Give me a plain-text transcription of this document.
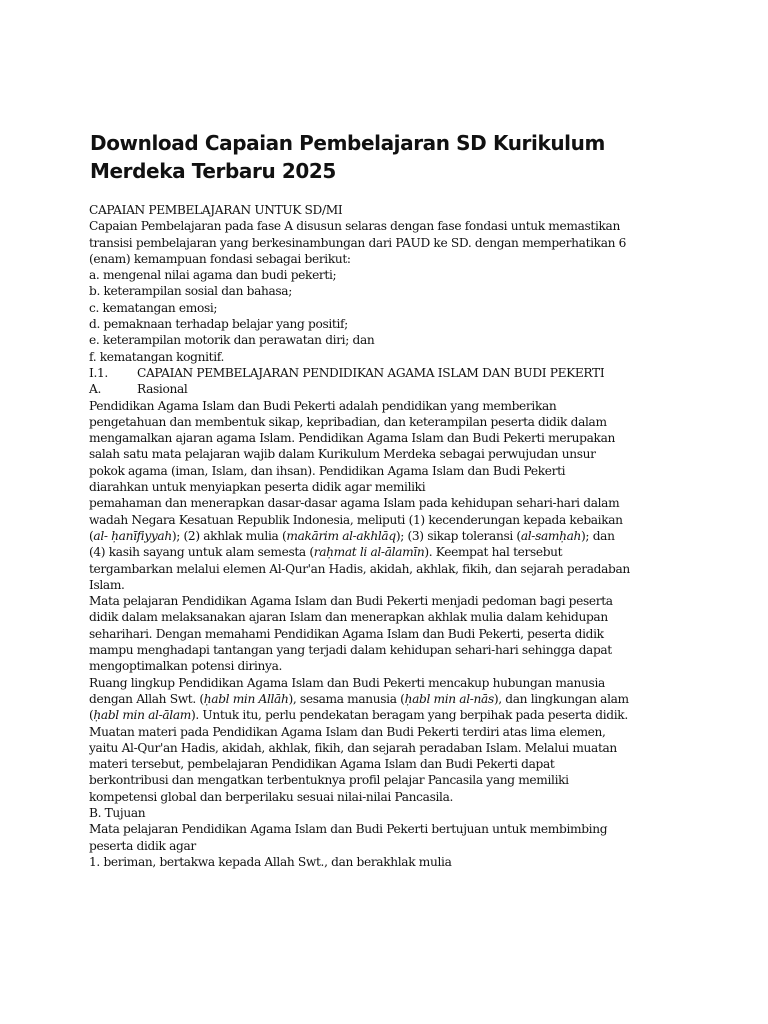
Download Capaian Pembelajaran SD Kurikulum
Merdeka Terbaru 2025
CAPAIAN PEMBELAJARAN UNTUK SD/MI
Capaian Pembelajaran pada fase A disusun selaras dengan fase fondasi untuk memastikan
transisi pembelajaran yang berkesinambungan dari PAUD ke SD. dengan memperhatikan 6
(enam) kemampuan fondasi sebagai berikut:
a. mengenal nilai agama dan budi pekerti;
b. keterampilan sosial dan bahasa;
c. kematangan emosi;
d. pemaknaan terhadap belajar yang positif;
e. keterampilan motorik dan perawatan diri; dan
f. kematangan kognitif.
I.1. CAPAIAN PEMBELAJARAN PENDIDIKAN AGAMA ISLAM DAN BUDI PEKERTI
A.	Rasional
Pendidikan Agama Islam dan Budi Pekerti adalah pendidikan yang memberikan
pengetahuan dan membentuk sikap, kepribadian, dan keterampilan peserta didik dalam
mengamalkan ajaran agama Islam. Pendidikan Agama Islam dan Budi Pekerti merupakan
salah satu mata pelajaran wajib dalam Kurikulum Merdeka sebagai perwujudan unsur
pokok agama (iman, Islam, dan ihsan). Pendidikan Agama Islam dan Budi Pekerti
diarahkan untuk menyiapkan peserta didik agar memiliki
pemahaman dan menerapkan dasar-dasar agama Islam pada kehidupan sehari-hari dalam
wadah Negara Kesatuan Republik Indonesia, meliputi (1) kecenderungan kepada kebaikan
(al- ḥanīfiyyah); (2) akhlak mulia (makārim al-akhlāq); (3) sikap toleransi (al-samḥah); dan
(4) kasih sayang untuk alam semesta (raḥmat li al-ālamīn). Keempat hal tersebut
tergambarkan melalui elemen Al-Qur'an Hadis, akidah, akhlak, fikih, dan sejarah peradaban
Islam.
Mata pelajaran Pendidikan Agama Islam dan Budi Pekerti menjadi pedoman bagi peserta
didik dalam melaksanakan ajaran Islam dan menerapkan akhlak mulia dalam kehidupan
seharihari. Dengan memahami Pendidikan Agama Islam dan Budi Pekerti, peserta didik
mampu menghadapi tantangan yang terjadi dalam kehidupan sehari-hari sehingga dapat
mengoptimalkan potensi dirinya.
Ruang lingkup Pendidikan Agama Islam dan Budi Pekerti mencakup hubungan manusia
dengan Allah Swt. (ḥabl min Allāh), sesama manusia (ḥabl min al-nās), dan lingkungan alam
(ḥabl min al-ālam). Untuk itu, perlu pendekatan beragam yang berpihak pada peserta didik.
Muatan materi pada Pendidikan Agama Islam dan Budi Pekerti terdiri atas lima elemen,
yaitu Al-Qur'an Hadis, akidah, akhlak, fikih, dan sejarah peradaban Islam. Melalui muatan
materi tersebut, pembelajaran Pendidikan Agama Islam dan Budi Pekerti dapat
berkontribusi dan mengatkan terbentuknya profil pelajar Pancasila yang memiliki
kompetensi global dan berperilaku sesuai nilai-nilai Pancasila.
B. Tujuan
Mata pelajaran Pendidikan Agama Islam dan Budi Pekerti bertujuan untuk membimbing
peserta didik agar
1. beriman, bertakwa kepada Allah Swt., dan berakhlak mulia
